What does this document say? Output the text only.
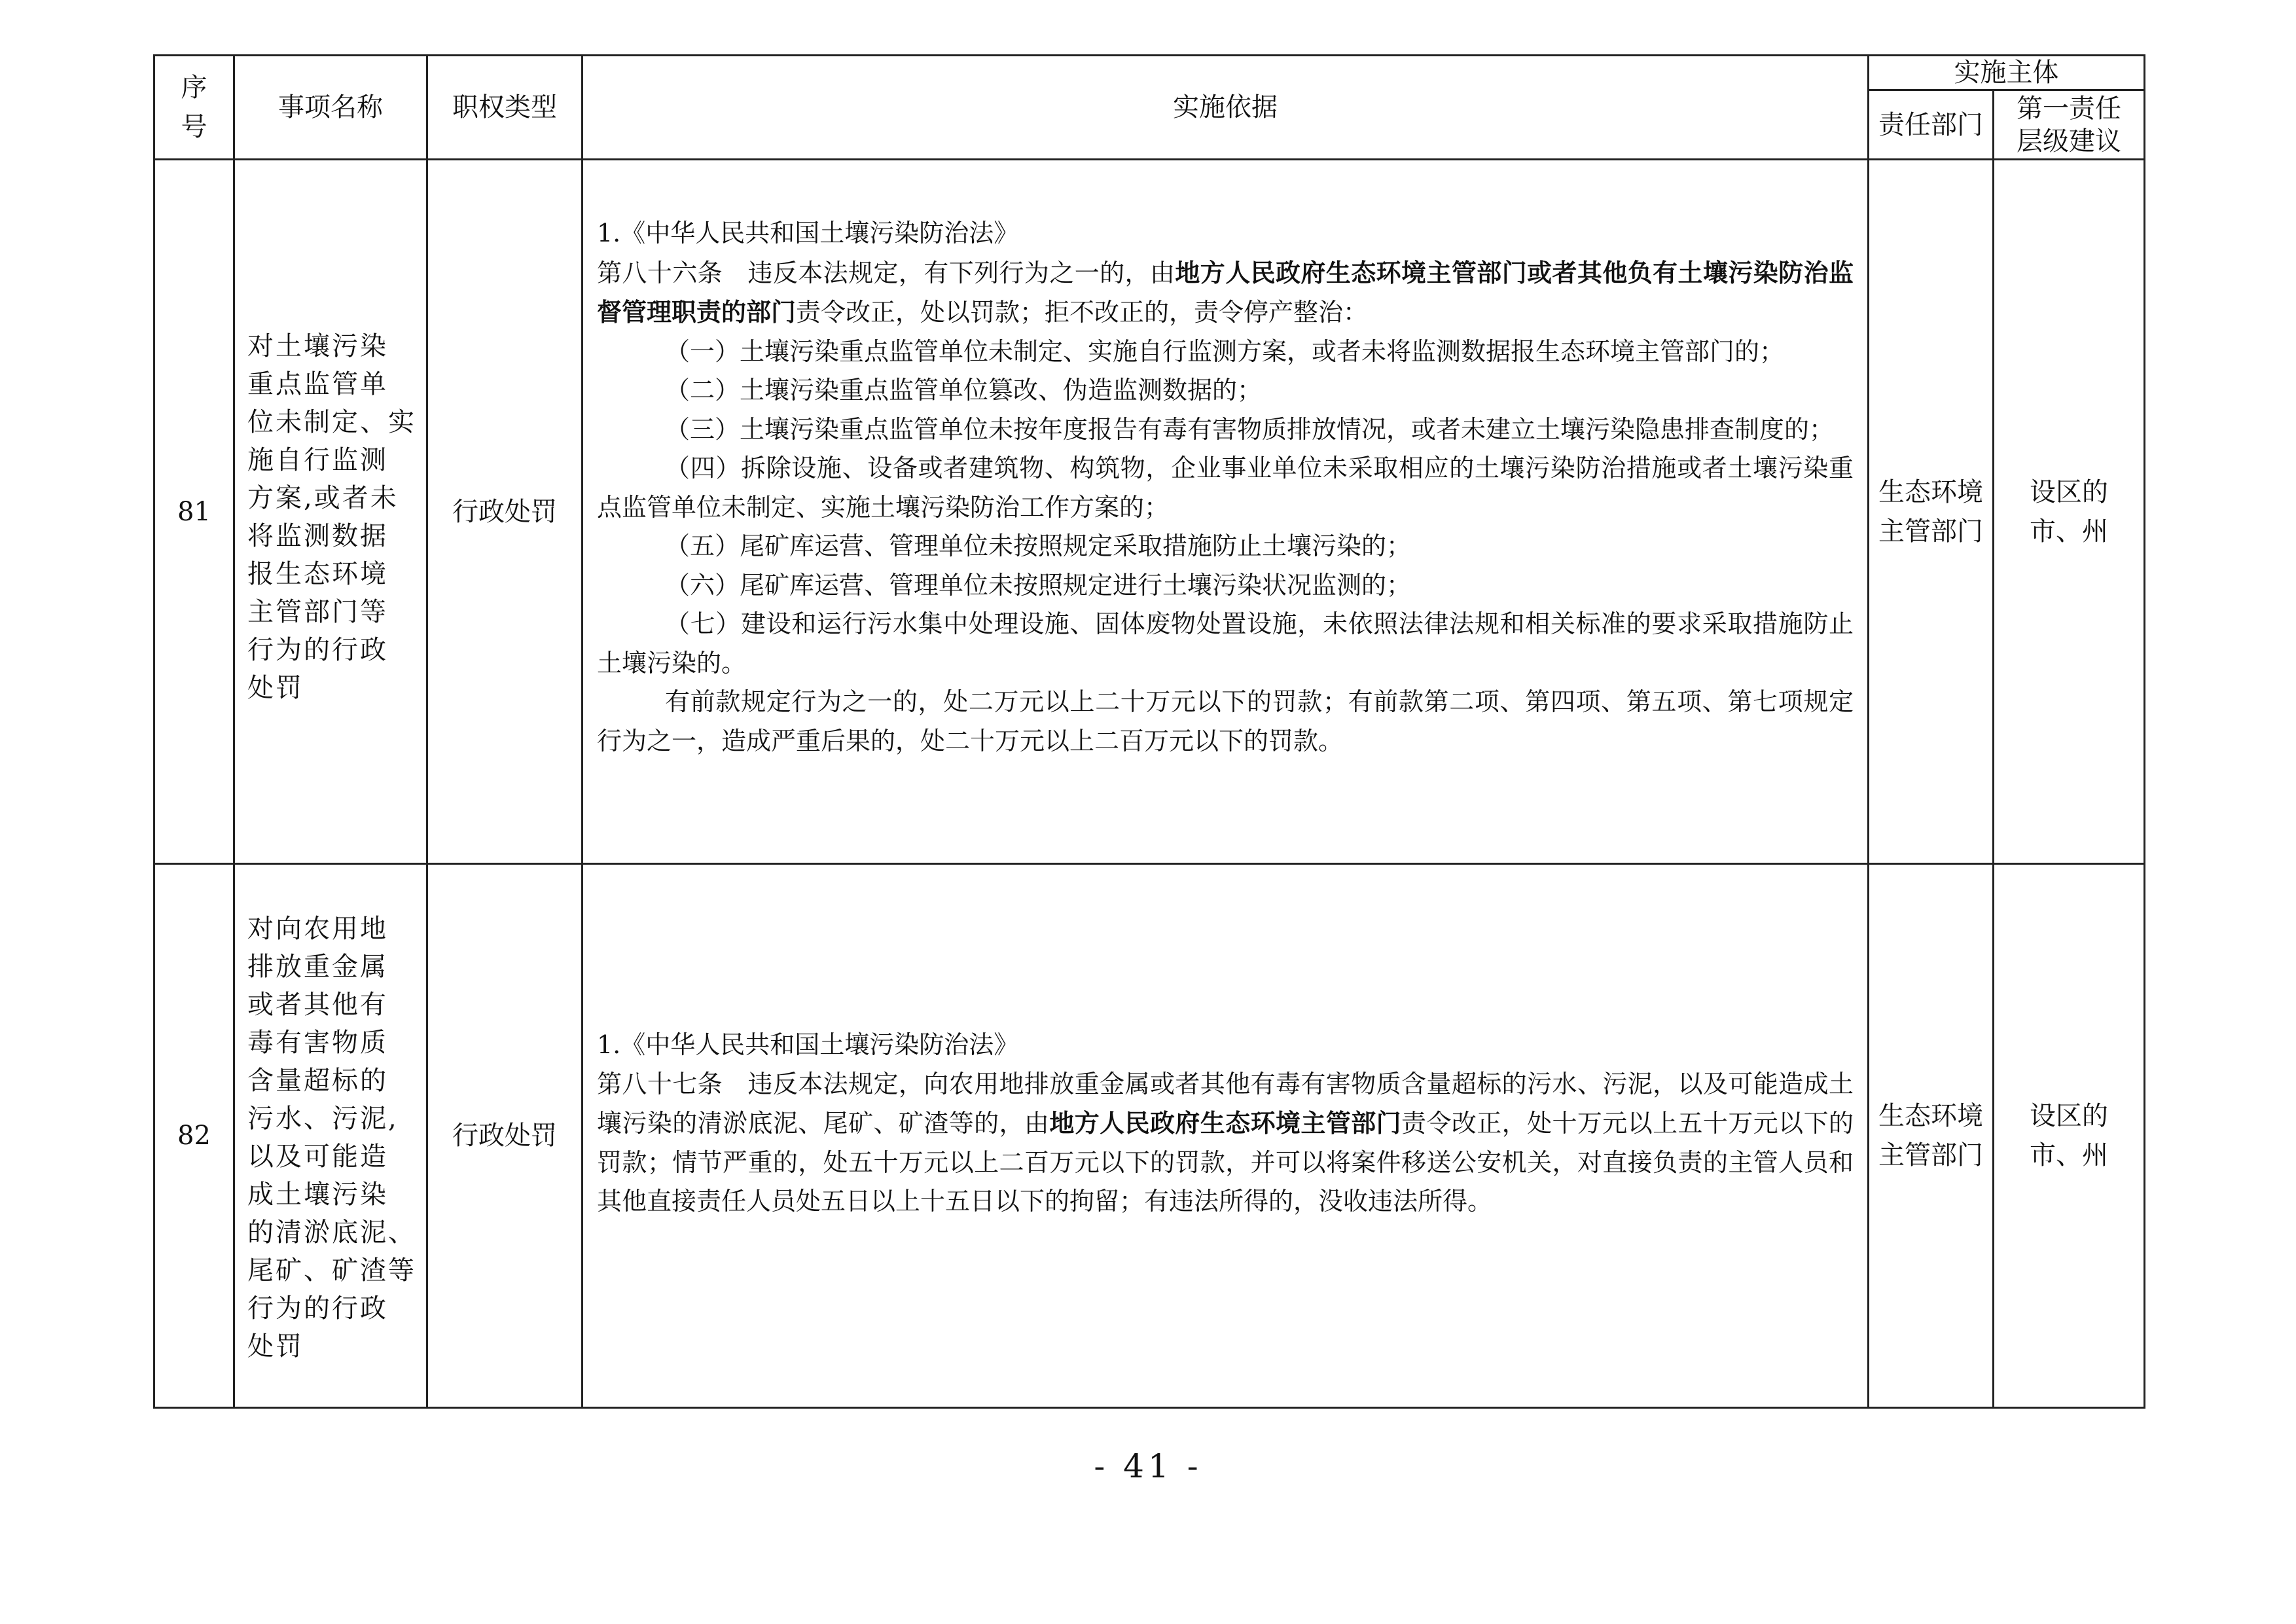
序
号
事项名称	职权类型	实施依据
实施主体
责任部门
第一责任
层级建议
81
对土壤污染
重点监管单
位未制定、实
施自行监测
方案,或者未
将监测数据
报生态环境
主管部门等
行为的行政
处罚
行政处罚

1.《中华人民共和国土壤污染防治法》

第八十六条　违反本法规定，有下列行为之一的，由地方人民政府生态环境主管部门或者其他负有土壤污染防治监督管理职责的部门责令改正，处以罚款；拒不改正的，责令停产整治：

（一）土壤污染重点监管单位未制定、实施自行监测方案，或者未将监测数据报生态环境主管部门的；

（二）土壤污染重点监管单位篡改、伪造监测数据的；

（三）土壤污染重点监管单位未按年度报告有毒有害物质排放情况，或者未建立土壤污染隐患排查制度的；

（四）拆除设施、设备或者建筑物、构筑物，企业事业单位未采取相应的土壤污染防治措施或者土壤污染重点监管单位未制定、实施土壤污染防治工作方案的；

（五）尾矿库运营、管理单位未按照规定采取措施防止土壤污染的；

（六）尾矿库运营、管理单位未按照规定进行土壤污染状况监测的；

（七）建设和运行污水集中处理设施、固体废物处置设施，未依照法律法规和相关标准的要求采取措施防止土壤污染的。

有前款规定行为之一的，处二万元以上二十万元以下的罚款；有前款第二项、第四项、第五项、第七项规定行为之一，造成严重后果的，处二十万元以上二百万元以下的罚款。

生态环境
主管部门
设区的
市、州
82
对向农用地
排放重金属
或者其他有
毒有害物质
含量超标的
污水、污泥,
以及可能造
成土壤污染
的清淤底泥、
尾矿、矿渣等
行为的行政
处罚
行政处罚

1.《中华人民共和国土壤污染防治法》

第八十七条　违反本法规定，向农用地排放重金属或者其他有毒有害物质含量超标的污水、污泥，以及可能造成土壤污染的清淤底泥、尾矿、矿渣等的，由地方人民政府生态环境主管部门责令改正，处十万元以上五十万元以下的罚款；情节严重的，处五十万元以上二百万元以下的罚款，并可以将案件移送公安机关，对直接负责的主管人员和其他直接责任人员处五日以上十五日以下的拘留；有违法所得的，没收违法所得。

生态环境
主管部门
设区的
市、州
- 41 -
